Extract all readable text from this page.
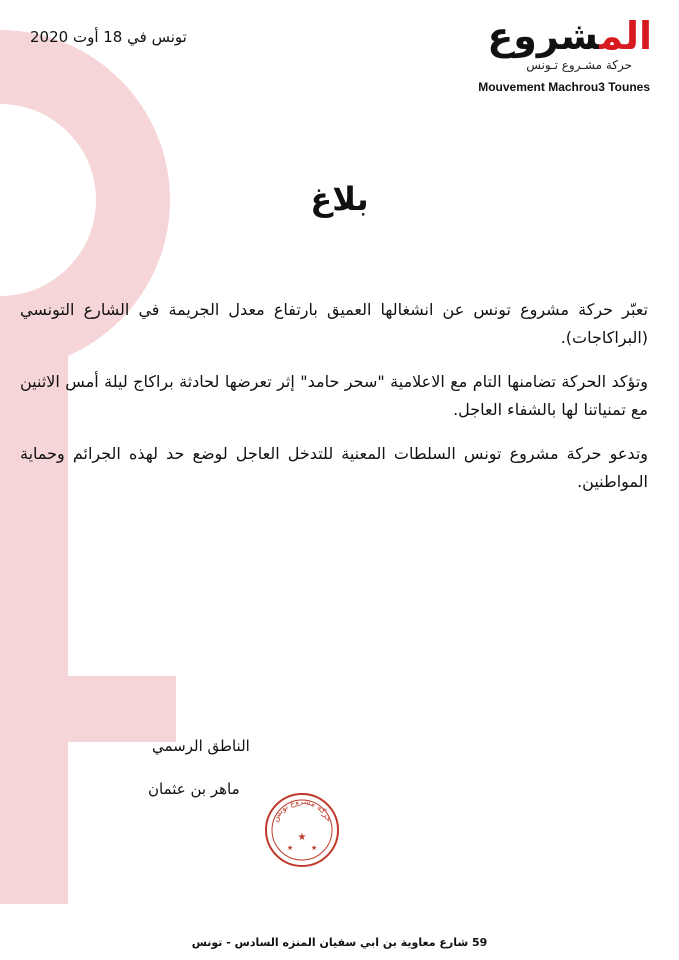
تونس في 18 أوت 2020	المشروع
حركة مشـروع تـونس
Mouvement Machrou3 Tounes
بلاغ

تعبّر حركة مشروع تونس عن انشغالها العميق بارتفاع معدل الجريمة في الشارع التونسي (البراكاجات).

وتؤكد الحركة تضامنها التام مع الاعلامية "سحر حامد" إثر تعرضها لحادثة براكاج ليلة أمس الاثنين مع تمنياتنا لها بالشفاء العاجل.

وتدعو حركة مشروع تونس السلطات المعنية للتدخل العاجل لوضع حد لهذه الجرائم وحماية المواطنين.

الناطق الرسمي
ماهر بن عثمان
حركة مشروع تونس
★
★	★
59 شارع معاوية بن ابي سفيان المنزه السادس - تونس
